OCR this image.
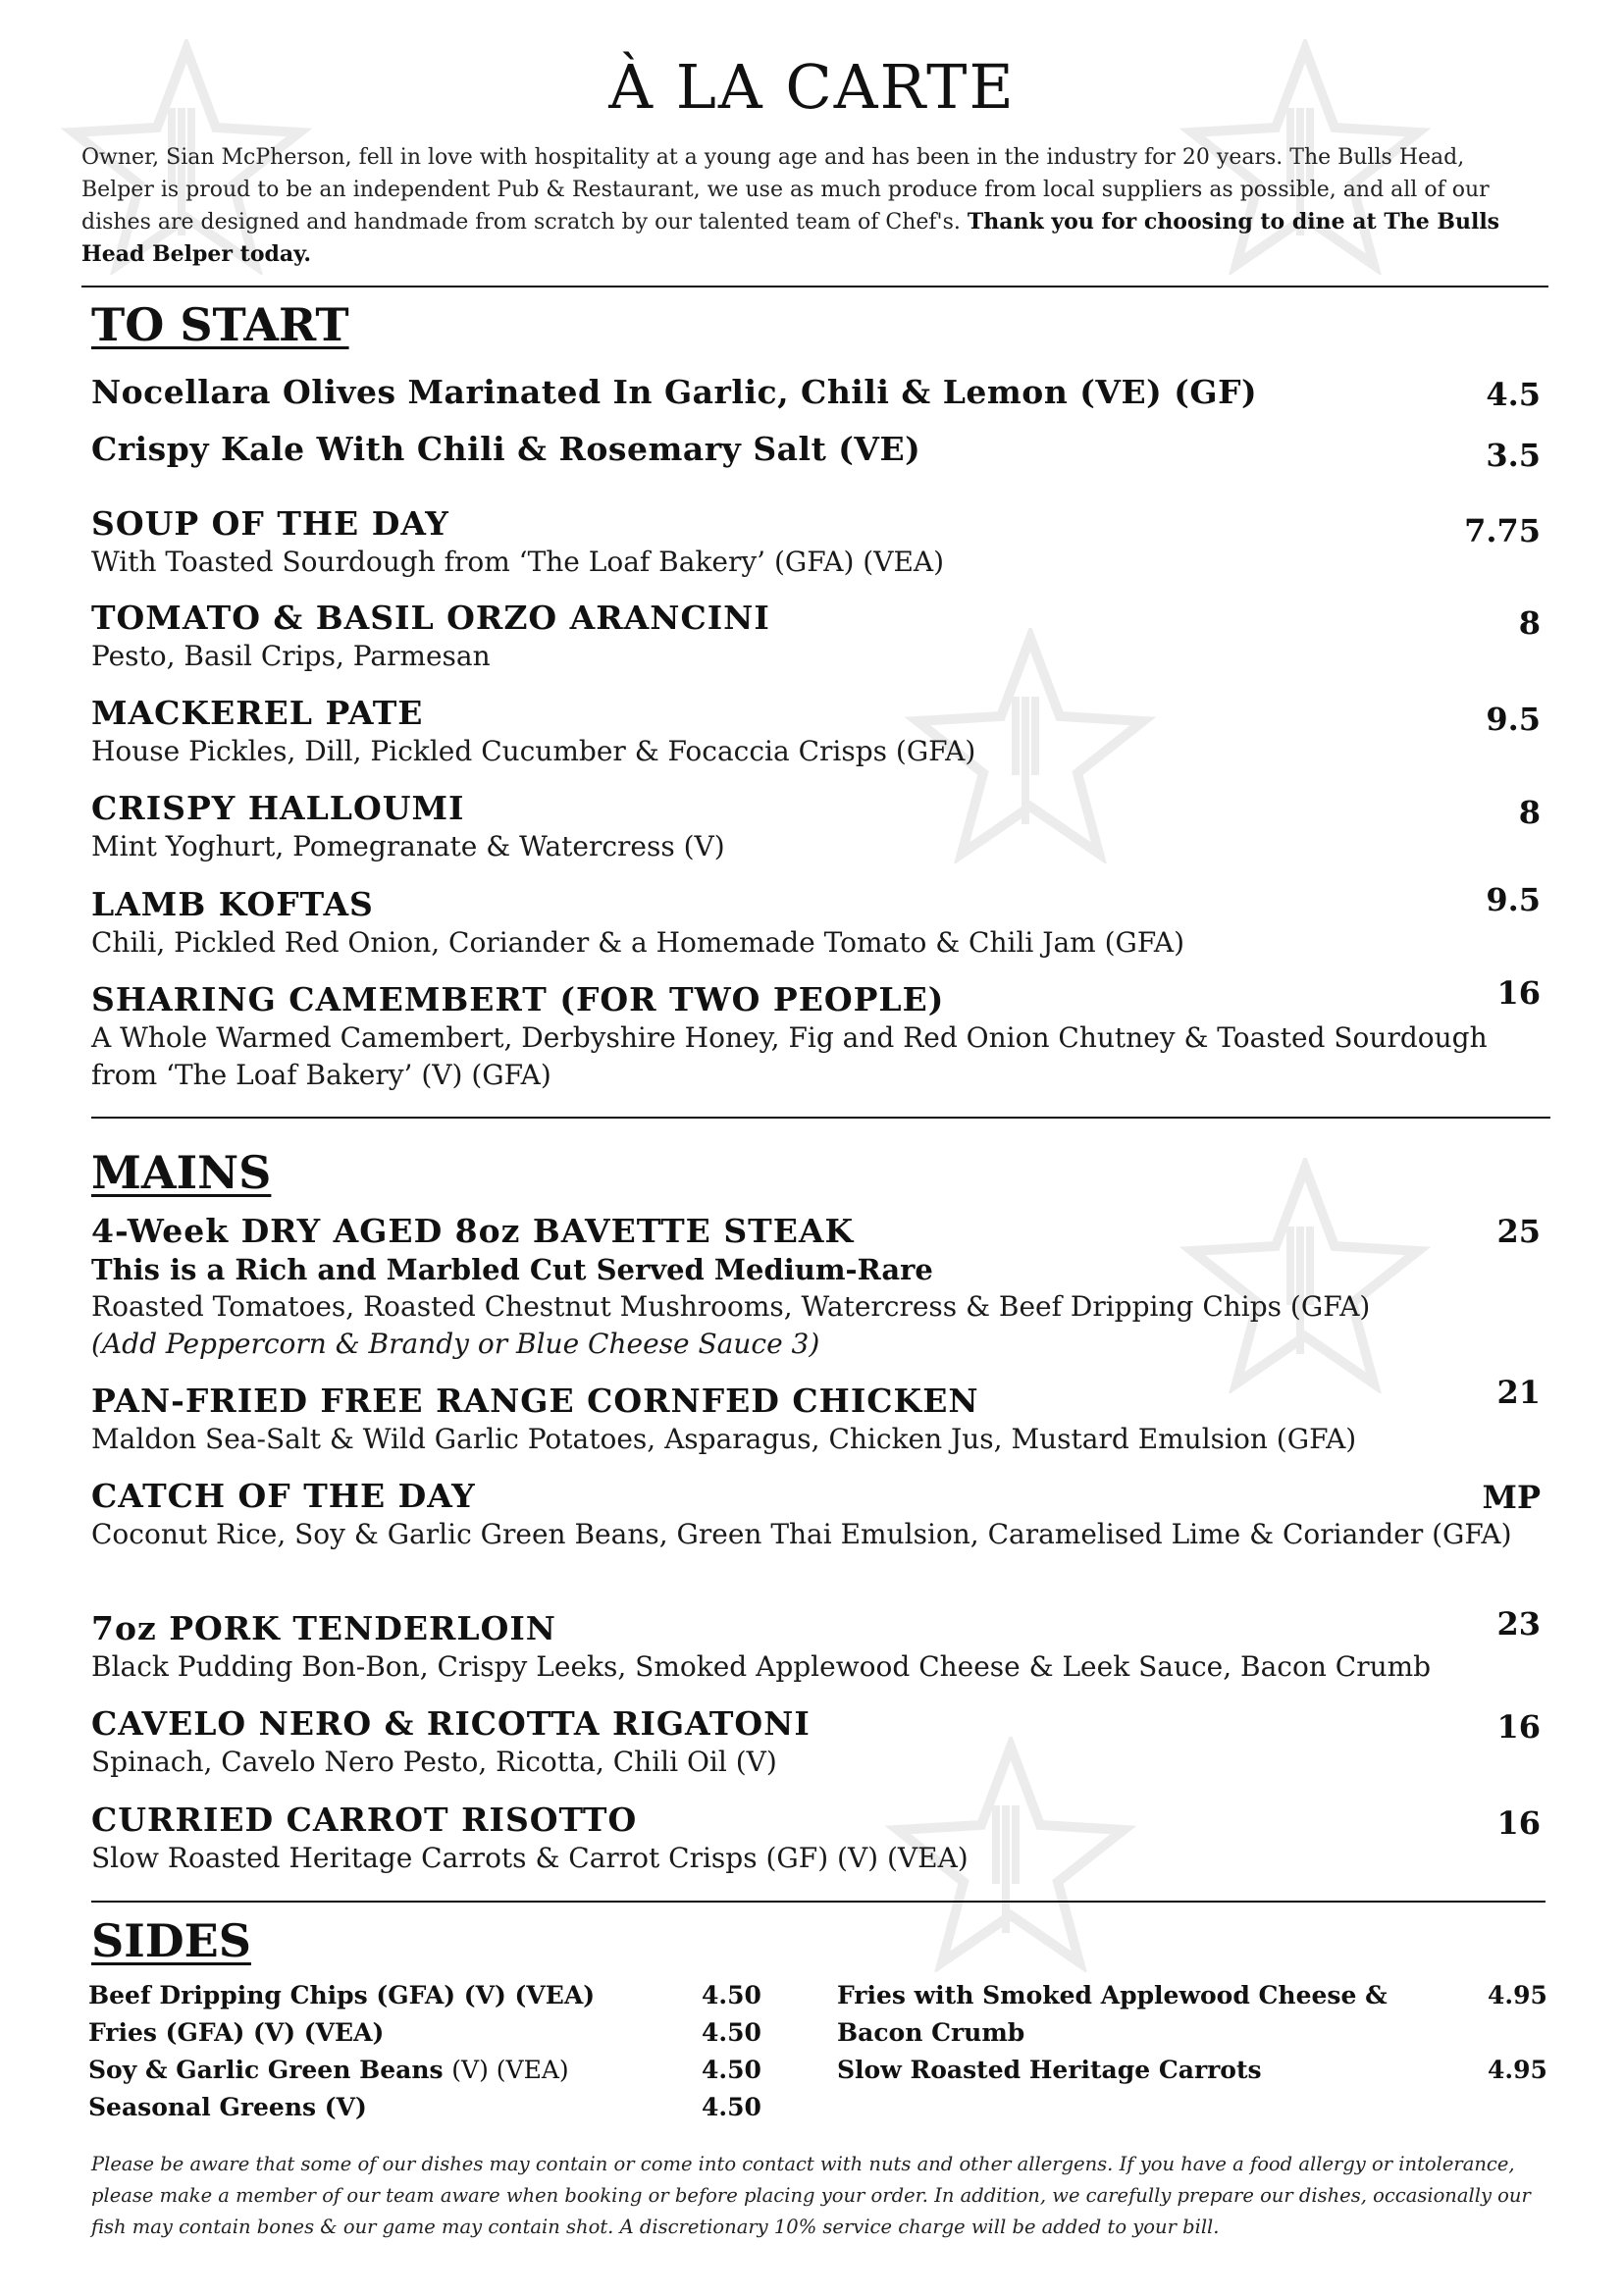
À LA CARTE
Owner, Sian McPherson, fell in love with hospitality at a young age and has been in the industry for 20 years. The Bulls Head, Belper is proud to be an independent Pub & Restaurant, we use as much produce from local suppliers as possible, and all of our dishes are designed and handmade from scratch by our talented team of Chef's. Thank you for choosing to dine at The Bulls Head Belper today.
TO START
Nocellara Olives Marinated In Garlic, Chili & Lemon (VE) (GF)	4.5
Crispy Kale With Chili & Rosemary Salt (VE)	3.5
SOUP OF THE DAY
With Toasted Sourdough from ‘The Loaf Bakery’ (GFA) (VEA)
7.75
TOMATO & BASIL ORZO ARANCINI
Pesto, Basil Crips, Parmesan
8
MACKEREL PATE
House Pickles, Dill, Pickled Cucumber & Focaccia Crisps (GFA)
9.5
CRISPY HALLOUMI
Mint Yoghurt, Pomegranate & Watercress (V)
8
LAMB KOFTAS
Chili, Pickled Red Onion, Coriander & a Homemade Tomato & Chili Jam (GFA)
9.5
SHARING CAMEMBERT (FOR TWO PEOPLE)
A Whole Warmed Camembert, Derbyshire Honey, Fig and Red Onion Chutney & Toasted Sourdough from ‘The Loaf Bakery’ (V) (GFA)
16
MAINS
4-Week DRY AGED 8oz BAVETTE STEAK
This is a Rich and Marbled Cut Served Medium-Rare
Roasted Tomatoes, Roasted Chestnut Mushrooms, Watercress & Beef Dripping Chips (GFA)
(Add Peppercorn & Brandy or Blue Cheese Sauce 3)
25
PAN-FRIED FREE RANGE CORNFED CHICKEN
Maldon Sea-Salt & Wild Garlic Potatoes, Asparagus, Chicken Jus, Mustard Emulsion (GFA)
21
CATCH OF THE DAY
Coconut Rice, Soy & Garlic Green Beans, Green Thai Emulsion, Caramelised Lime & Coriander (GFA)
MP
7oz PORK TENDERLOIN
Black Pudding Bon-Bon, Crispy Leeks, Smoked Applewood Cheese & Leek Sauce, Bacon Crumb
23
CAVELO NERO & RICOTTA RIGATONI
Spinach, Cavelo Nero Pesto, Ricotta, Chili Oil (V)
16
CURRIED CARROT RISOTTO
Slow Roasted Heritage Carrots & Carrot Crisps (GF) (V) (VEA)
16
SIDES
Beef Dripping Chips (GFA) (V) (VEA)	4.50
Fries (GFA) (V) (VEA)	4.50
Soy & Garlic Green Beans (V) (VEA)	4.50
Seasonal Greens (V)	4.50
Fries with Smoked Applewood Cheese &	4.95
Bacon Crumb
Slow Roasted Heritage Carrots	4.95
Please be aware that some of our dishes may contain or come into contact with nuts and other allergens. If you have a food allergy or intolerance, please make a member of our team aware when booking or before placing your order. In addition, we carefully prepare our dishes, occasionally our fish may contain bones & our game may contain shot. A discretionary 10% service charge will be added to your bill.
